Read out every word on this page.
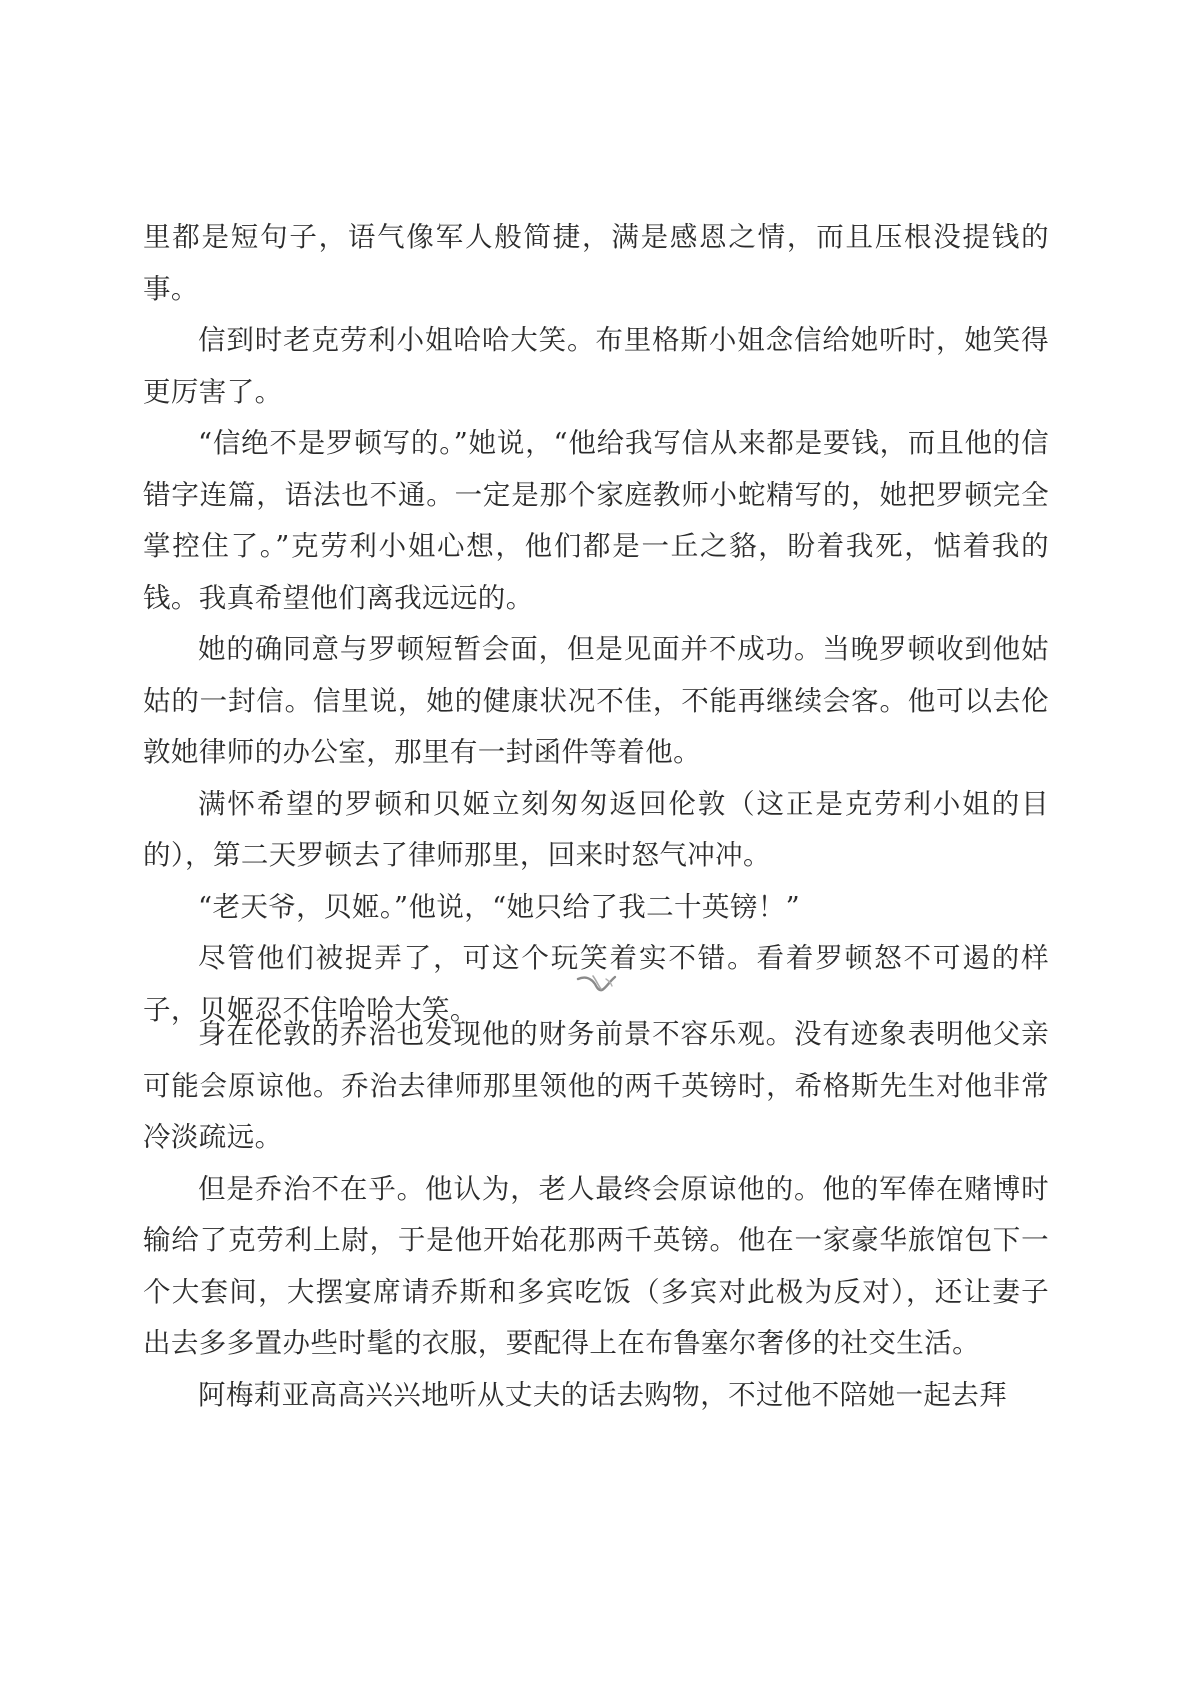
里都是短句子，语气像军人般简捷，满是感恩之情，而且压根没提钱的事。

信到时老克劳利小姐哈哈大笑。布里格斯小姐念信给她听时，她笑得更厉害了。

“信绝不是罗顿写的。”她说，“他给我写信从来都是要钱，而且他的信错字连篇，语法也不通。一定是那个家庭教师小蛇精写的，她把罗顿完全掌控住了。”克劳利小姐心想，他们都是一丘之貉，盼着我死，惦着我的钱。我真希望他们离我远远的。

她的确同意与罗顿短暂会面，但是见面并不成功。当晚罗顿收到他姑姑的一封信。信里说，她的健康状况不佳，不能再继续会客。他可以去伦敦她律师的办公室，那里有一封函件等着他。

满怀希望的罗顿和贝姬立刻匆匆返回伦敦（这正是克劳利小姐的目的），第二天罗顿去了律师那里，回来时怒气冲冲。

“老天爷，贝姬。”他说，“她只给了我二十英镑！”

尽管他们被捉弄了，可这个玩笑着实不错。看着罗顿怒不可遏的样子，贝姬忍不住哈哈大笑。

身在伦敦的乔治也发现他的财务前景不容乐观。没有迹象表明他父亲可能会原谅他。乔治去律师那里领他的两千英镑时，希格斯先生对他非常冷淡疏远。

但是乔治不在乎。他认为，老人最终会原谅他的。他的军俸在赌博时输给了克劳利上尉，于是他开始花那两千英镑。他在一家豪华旅馆包下一个大套间，大摆宴席请乔斯和多宾吃饭（多宾对此极为反对），还让妻子出去多多置办些时髦的衣服，要配得上在布鲁塞尔奢侈的社交生活。

阿梅莉亚高高兴兴地听从丈夫的话去购物，不过他不陪她一起去拜
